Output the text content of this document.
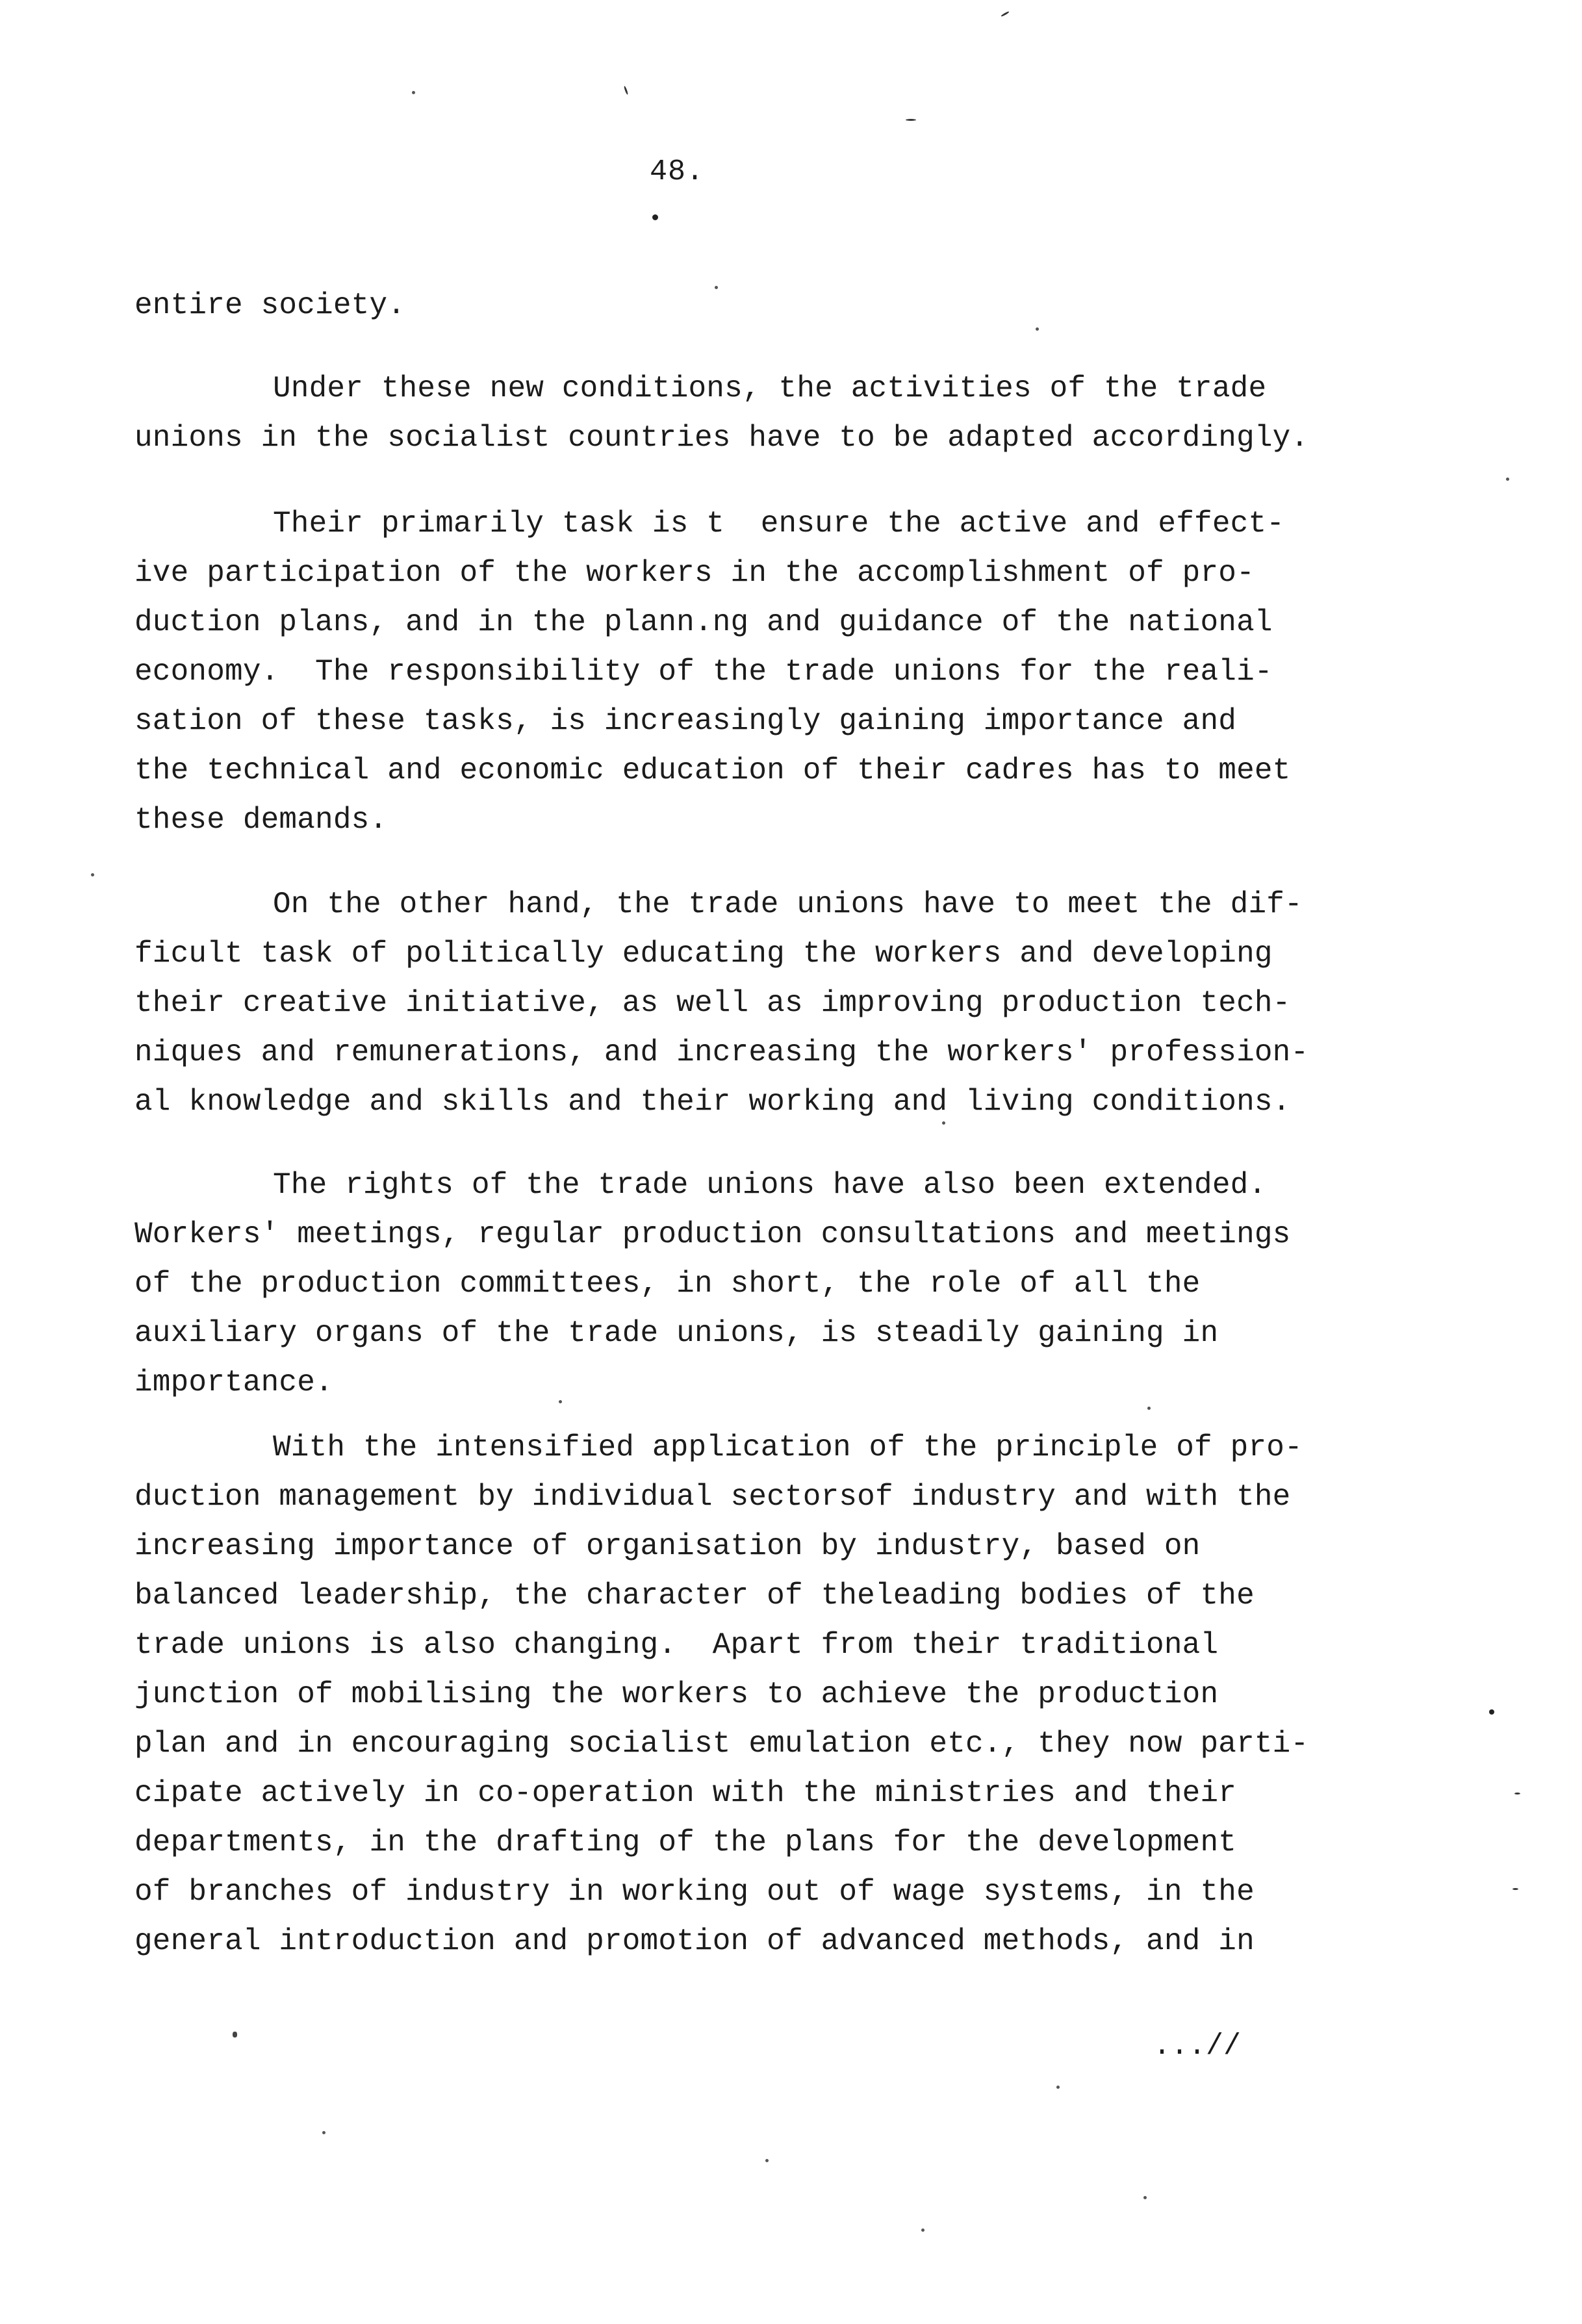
48.
entire society.
Under these new conditions, the activities of the trade
unions in the socialist countries have to be adapted accordingly.
Their primarily task is t  ensure the active and effect-
ive participation of the workers in the accomplishment of pro-
duction plans, and in the plann.ng and guidance of the national
economy.  The responsibility of the trade unions for the reali-
sation of these tasks, is increasingly gaining importance and
the technical and economic education of their cadres has to meet
these demands.
On the other hand, the trade unions have to meet the dif-
ficult task of politically educating the workers and developing
their creative initiative, as well as improving production tech-
niques and remunerations, and increasing the workers' profession-
al knowledge and skills and their working and living conditions.
The rights of the trade unions have also been extended.
Workers' meetings, regular production consultations and meetings
of the production committees, in short, the role of all the
auxiliary organs of the trade unions, is steadily gaining in
importance.
With the intensified application of the principle of pro-
duction management by individual sectorsof industry and with the
increasing importance of organisation by industry, based on
balanced leadership, the character of theleading bodies of the
trade unions is also changing.  Apart from their traditional
junction of mobilising the workers to achieve the production
plan and in encouraging socialist emulation etc., they now parti-
cipate actively in co-operation with the ministries and their
departments, in the drafting of the plans for the development
of branches of industry in working out of wage systems, in the
general introduction and promotion of advanced methods, and in
...//
